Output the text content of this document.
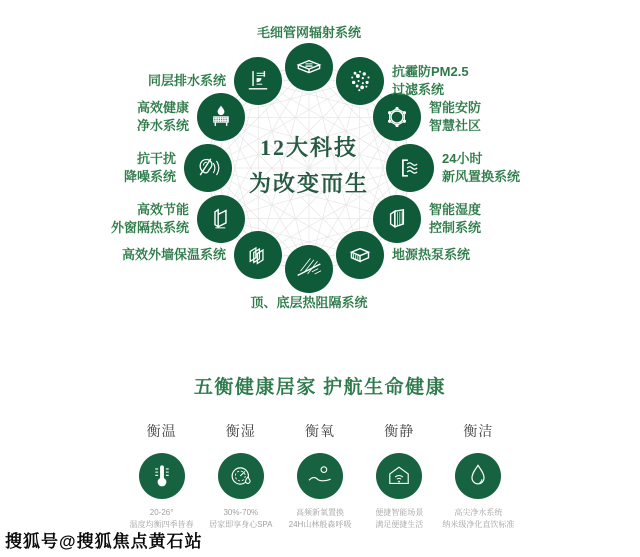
12大科技
为改变而生
毛细管网辐射系统
抗霾防PM2.5
过滤系统
智能安防
智慧社区
24小时
新风置换系统
智能湿度
控制系统
地源热泵系统
顶、底层热阻隔系统
高效外墙保温系统
高效节能
外窗隔热系统
抗干扰
降噪系统
高效健康
净水系统
同层排水系统
五衡健康居家 护航生命健康
衡温
20-26°
温度均衡四季皆春
衡湿
30%-70%
居家即享身心SPA
衡氧
高频新氧置换
24H山林般森呼吸
衡静
便捷智能场景
满足便捷生活
衡洁
高尖净水系统
纳米级净化直饮标准
搜狐号@搜狐焦点黄石站
